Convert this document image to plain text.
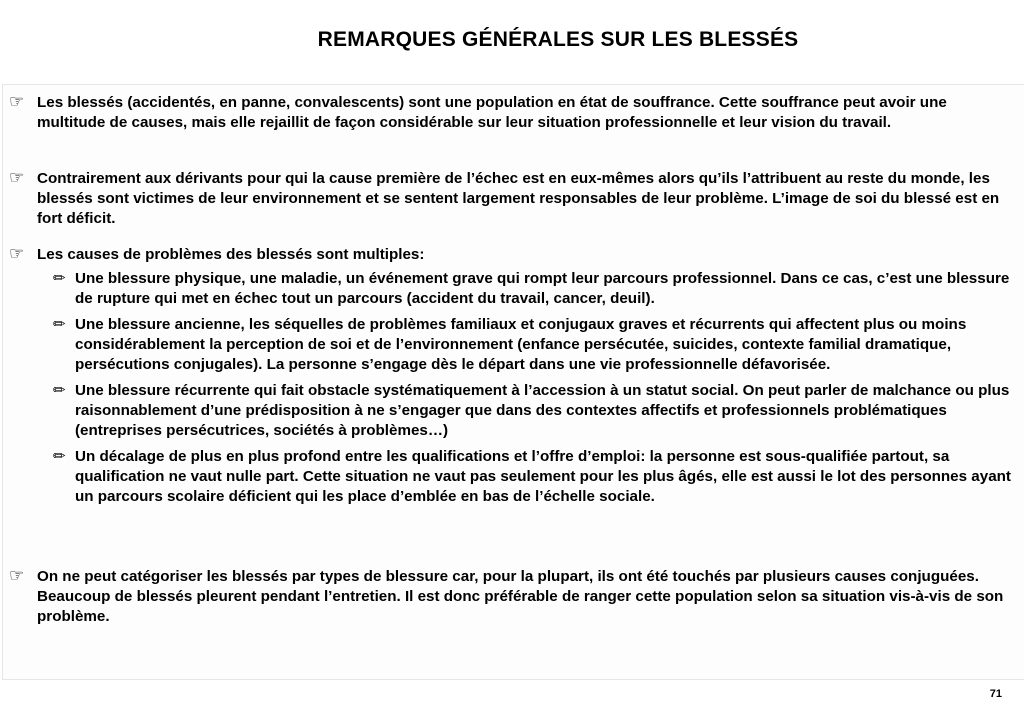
REMARQUES GÉNÉRALES SUR LES BLESSÉS
☞ Les blessés (accidentés, en panne, convalescents) sont une population en état de souffrance. Cette souffrance peut avoir une multitude de causes, mais elle rejaillit de façon considérable sur leur situation professionnelle et leur vision du travail.
☞ Contrairement aux dérivants pour qui la cause première de l’échec est en eux-mêmes alors qu’ils l’attribuent au reste du monde, les blessés sont victimes de leur environnement et se sentent largement responsables de leur problème. L’image de soi du blessé est en fort déficit.
☞ Les causes de problèmes des blessés sont multiples:
✏ Une blessure physique, une maladie, un événement grave qui rompt leur parcours professionnel. Dans ce cas, c’est une blessure de rupture qui met en échec tout un parcours (accident du travail, cancer, deuil).
✏ Une blessure ancienne, les séquelles de problèmes familiaux et conjugaux graves et récurrents qui affectent plus ou moins considérablement la perception de soi et de l’environnement (enfance persécutée, suicides, contexte familial dramatique, persécutions conjugales). La personne s’engage dès le départ dans une vie professionnelle défavorisée.
✏ Une blessure récurrente qui fait obstacle systématiquement à l’accession à un statut social. On peut parler de malchance ou plus raisonnablement d’une prédisposition à ne s’engager que dans des contextes affectifs et professionnels problématiques (entreprises persécutrices, sociétés à problèmes…)
✏ Un décalage de plus en plus profond entre les qualifications et l’offre d’emploi: la personne est sous-qualifiée partout, sa qualification ne vaut nulle part. Cette situation ne vaut pas seulement pour les plus âgés, elle est aussi le lot des personnes ayant un parcours scolaire déficient qui les place d’emblée en bas de l’échelle sociale.
☞ On ne peut catégoriser les blessés par types de blessure car, pour la plupart, ils ont été touchés par plusieurs causes conjuguées. Beaucoup de blessés pleurent pendant l’entretien. Il est donc préférable de ranger cette population selon sa situation vis-à-vis de son problème.
71
